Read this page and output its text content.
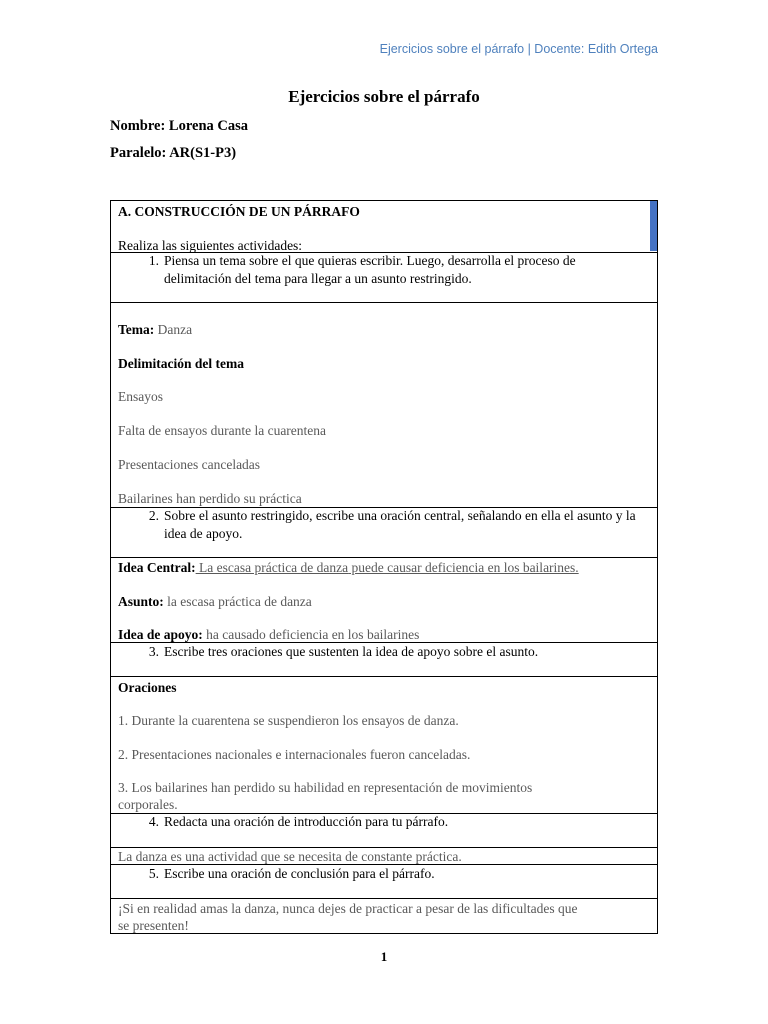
Ejercicios sobre el párrafo | Docente: Edith Ortega
Ejercicios sobre el párrafo
Nombre: Lorena Casa
Paralelo: AR(S1-P3)
A. CONSTRUCCIÓN DE UN PÁRRAFO
Realiza las siguientes actividades:
1. Piensa un tema sobre el que quieras escribir. Luego, desarrolla el proceso de delimitación del tema para llegar a un asunto restringido.
Tema: Danza
Delimitación del tema
Ensayos
Falta de ensayos durante la cuarentena
Presentaciones canceladas
Bailarines han perdido su práctica
2. Sobre el asunto restringido, escribe una oración central, señalando en ella el asunto y la idea de apoyo.
Idea Central: La escasa práctica de danza puede causar deficiencia en los bailarines.
Asunto: la escasa práctica de danza
Idea de apoyo: ha causado deficiencia en los bailarines
3. Escribe tres oraciones que sustenten la idea de apoyo sobre el asunto.
Oraciones
1. Durante la cuarentena se suspendieron los ensayos de danza.
2. Presentaciones nacionales e internacionales fueron canceladas.
3. Los bailarines han perdido su habilidad en representación de movimientos
corporales.
4. Redacta una oración de introducción para tu párrafo.
La danza es una actividad que se necesita de constante práctica.
5. Escribe una oración de conclusión para el párrafo.
¡Si en realidad amas la danza, nunca dejes de practicar a pesar de las dificultades que
se presenten!
1
